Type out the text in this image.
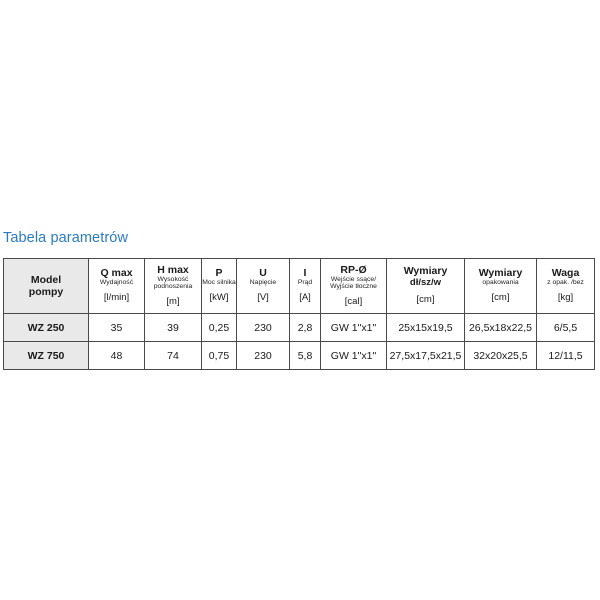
Tabela parametrów
Model
pompy	Q max
Wydajność
[l/min]	H max
Wysokość podnoszenia
[m]	P
Moc silnika
[kW]	U
Napięcie
[V]	I
Prąd
[A]	RP-Ø
Wejście ssące/ Wyjście tłoczne
[cal]	Wymiary
dł/sz/w
[cm]	Wymiary
opakowania
[cm]	Waga
z opak. /bez
[kg]

WZ 250	35	39	0,25	230	2,8	GW 1"x1"	25x15x19,5	26,5x18x22,5	6/5,5
WZ 750	48	74	0,75	230	5,8	GW 1"x1"	27,5x17,5x21,5	32x20x25,5	12/11,5
